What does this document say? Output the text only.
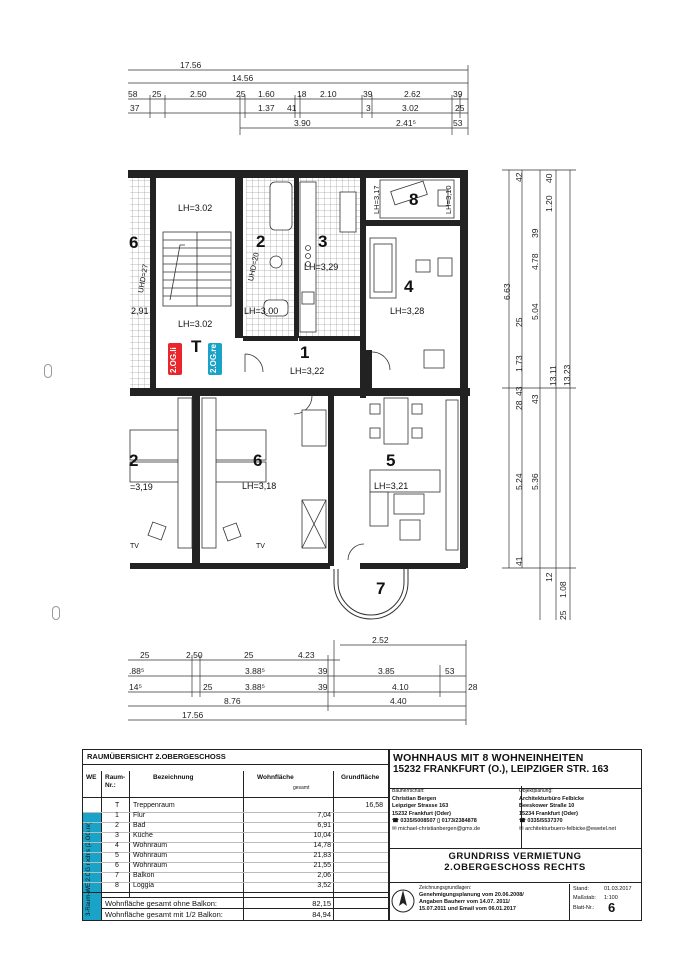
17.56
14.56
58 25	2.50	25 1.60	18 2.10	39	2.62	39
37	1.37 41	3	3.02	25
3.90	2.41⁵	53
6
2,91
LH=3.02
LH=3.02
T
2
LH=3.00
UHD=20
UHD=27
3
LH=3,29
8
LH=3,17	LH=3,10
4
LH=3,28
1
LH=3,22
2
=3,19
6
LH=3,18
5
LH=3,21
7
TV	TV
2.OG.li	2.OG.re
42
39
4.78
1.20
40
6.63
5.04
25
1.73
43
28
13.11 13.23
5.24 5.36
43
41
12
1.08
25
2.52
25	2.50	25	4.23
.88⁵	3.88⁵	39	3.85	53
14⁵	25	3.88⁵	39	4.10	28
8.76	4.40
17.56
RAUMÜBERSICHT 2.OBERGESCHOSS
WE Raum-Nr.:
Bezeichnung	Wohnfläche
gesamt
Grundfläche
3-Raum-WE 2.OG rechts (2.OG.re)
T Treppenraum	16,58
1 Flur	7,04
2 Bad	6,91
3 Küche	10,04
4 Wohnraum	14,78
5 Wohnraum	21,83
6 Wohnraum	21,55
7 Balkon	2,06
8 Loggia	3,52
Wohnfläche gesamt ohne Balkon:	82,15
Wohnfläche gesamt mit 1/2 Balkon:	84,94
WOHNHAUS MIT 8 WOHNEINHEITEN
15232 FRANKFURT (O.), LEIPZIGER STR. 163
Bauherrschaft:
Christian Bergen
Leipziger Strasse 163
15232 Frankfurt (Oder)
☎ 0335/5008507 ▯ 0173/2384878
✉ michael-christianbergen@gmx.de
Objektplanung:
Architekturbüro Felbicke
Beeskower Straße 10
15234 Frankfurt (Oder)
☎ 0335/5537370
✉ architekturbuero-felbicke@ewetel.net
GRUNDRISS VERMIETUNG
2.OBERGESCHOSS RECHTS
Zeichnungsgrundlagen:
Genehmigungsplanung vom 20.06.2008/
Angaben Bauherr vom 14.07. 2011/
15.07.2011 und Email vom 06.01.2017
Stand:	01.03.2017
Maßstab: 1:100
Blatt-Nr.: 6
